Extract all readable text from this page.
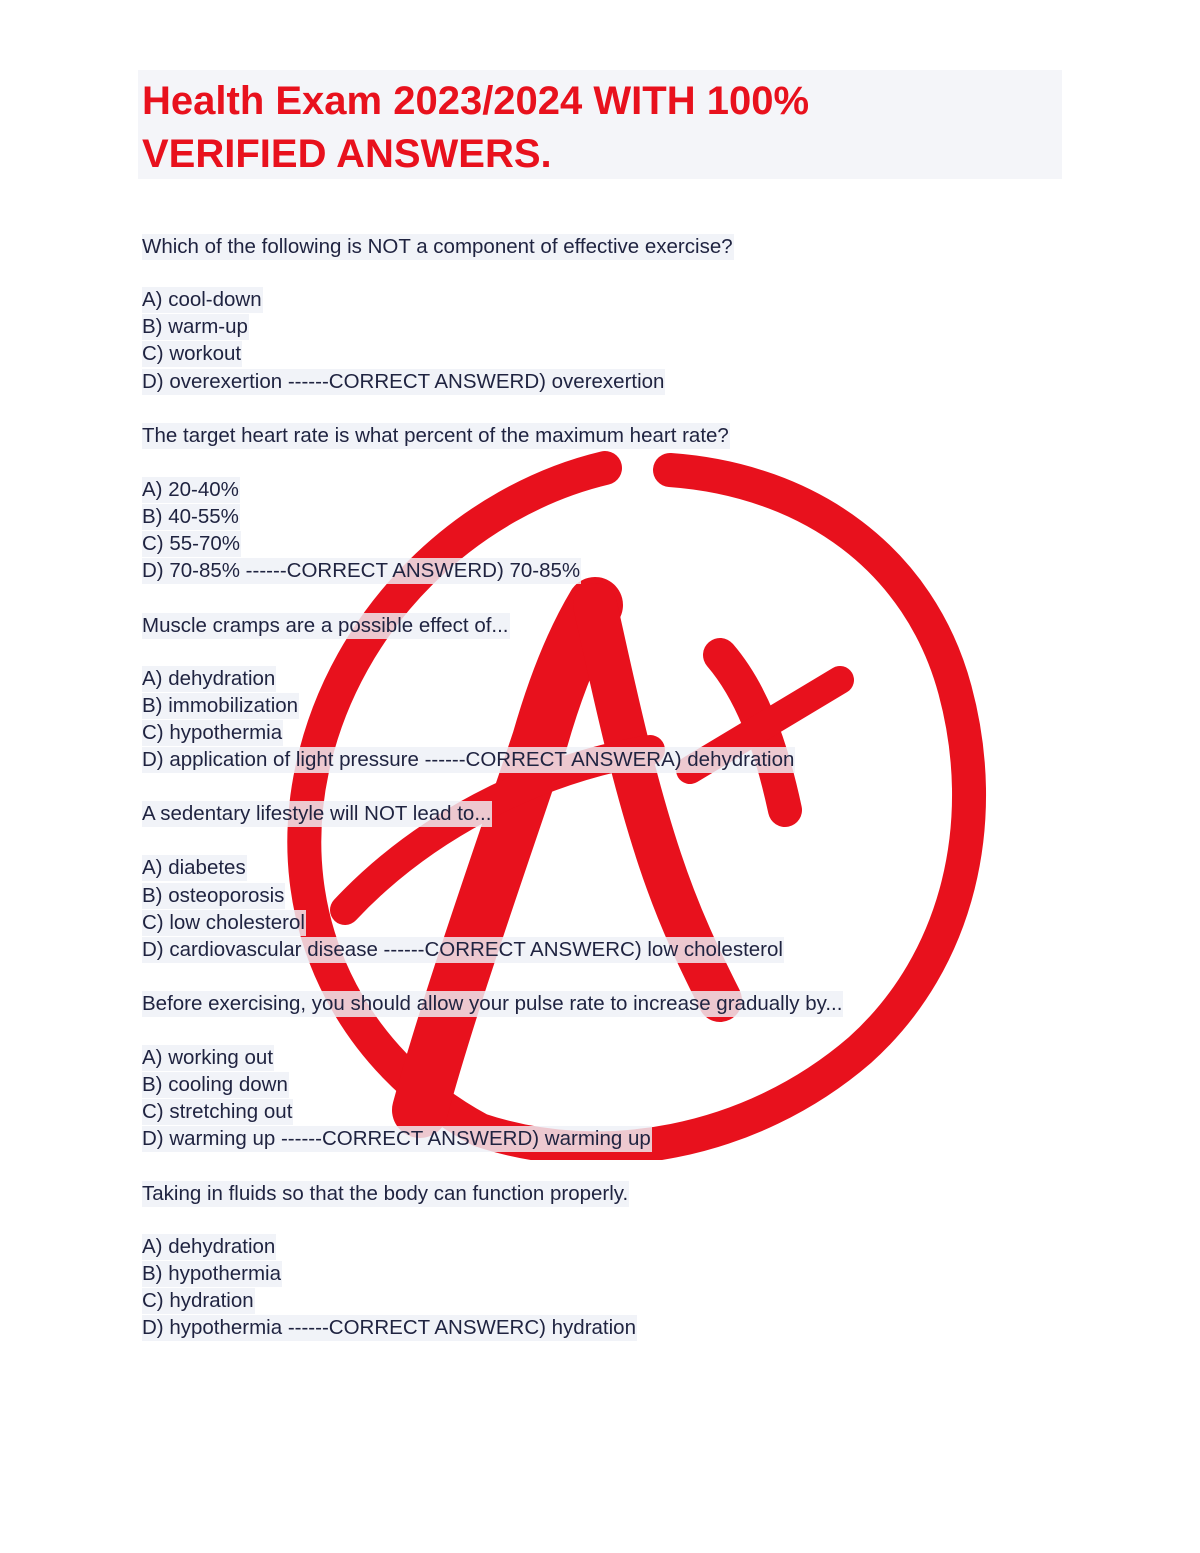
Health Exam 2023/2024 WITH 100%
VERIFIED ANSWERS.
Which of the following is NOT a component of effective exercise?
A) cool-down
B) warm-up
C) workout
D) overexertion ------CORRECT ANSWERD) overexertion
The target heart rate is what percent of the maximum heart rate?
A) 20-40%
B) 40-55%
C) 55-70%
D) 70-85% ------CORRECT ANSWERD) 70-85%
Muscle cramps are a possible effect of...
A) dehydration
B) immobilization
C) hypothermia
D) application of light pressure ------CORRECT ANSWERA) dehydration
A sedentary lifestyle will NOT lead to...
A) diabetes
B) osteoporosis
C) low cholesterol
D) cardiovascular disease ------CORRECT ANSWERC) low cholesterol
Before exercising, you should allow your pulse rate to increase gradually by...
A) working out
B) cooling down
C) stretching out
D) warming up ------CORRECT ANSWERD) warming up
Taking in fluids so that the body can function properly.
A) dehydration
B) hypothermia
C) hydration
D) hypothermia ------CORRECT ANSWERC) hydration
